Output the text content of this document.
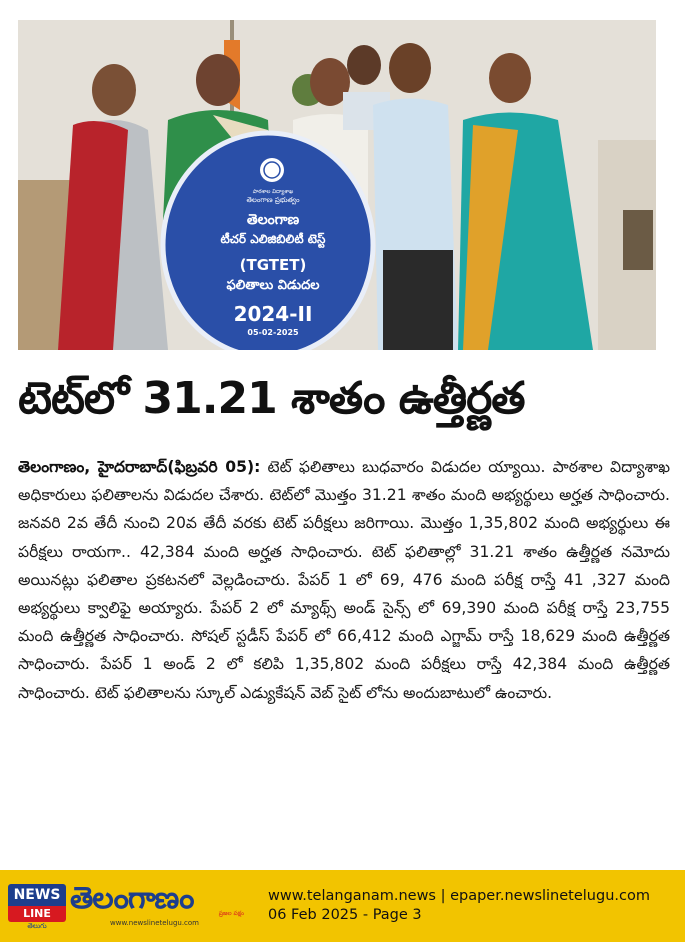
పాఠశాల విద్యాశాఖ
తెలంగాణ ప్రభుత్వం
తెలంగాణ
టీచర్ ఎలిజిబిలిటీ టెస్ట్
(TGTET)
ఫలితాలు విడుదల
2024-II
05-02-2025
టెట్‌లో 31.21 శాతం ఉత్తీర్ణత
తెలంగాణం, హైదరాబాద్(ఫిబ్రవరి 05): టెట్ ఫలితాలు బుధవారం విడుదల య్యాయి. పాఠశాల విద్యాశాఖ అధికారులు ఫలితాలను విడుదల చేశారు. టెట్‌లో మొత్తం 31.21 శాతం మంది అభ్యర్థులు అర్హత సాధించారు. జనవరి 2వ తేదీ నుంచి 20వ తేదీ వరకు టెట్ పరీక్షలు జరిగాయి. మొత్తం 1,35,802 మంది అభ్యర్థులు ఈ పరీక్షలు రాయగా.. 42,384 మంది అర్హత సాధించారు. టెట్ ఫలితాల్లో 31.21 శాతం ఉత్తీర్ణత నమోదు అయినట్లు ఫలితాల ప్రకటనలో వెల్లడించారు. పేపర్ 1 లో 69, 476 మంది పరీక్ష రాస్తే 41 ,327 మంది అభ్యర్థులు క్వాలిఫై అయ్యారు. పేపర్ 2 లో మ్యాథ్స్ అండ్ సైన్స్ లో 69,390 మంది పరీక్ష రాస్తే 23,755 మంది ఉత్తీర్ణత సాధించారు. సోషల్ స్టడీస్ పేపర్ లో 66,412 మంది ఎగ్జామ్ రాస్తే 18,629 మంది ఉత్తీర్ణత సాధించారు. పేపర్ 1 అండ్ 2 లో కలిపి 1,35,802 మంది పరీక్షలు రాస్తే 42,384 మంది ఉత్తీర్ణత సాధించారు. టెట్ ఫలితాలను స్కూల్ ఎడ్యుకేషన్ వెబ్ సైట్ లోను అందుబాటులో ఉంచారు.
NEWS
LINE
తెలుగు
తెలంగాణం	ప్రజల పక్షం
www.newslinetelugu.com
www.telanganam.news | epaper.newslinetelugu.com
06 Feb 2025 - Page 3
